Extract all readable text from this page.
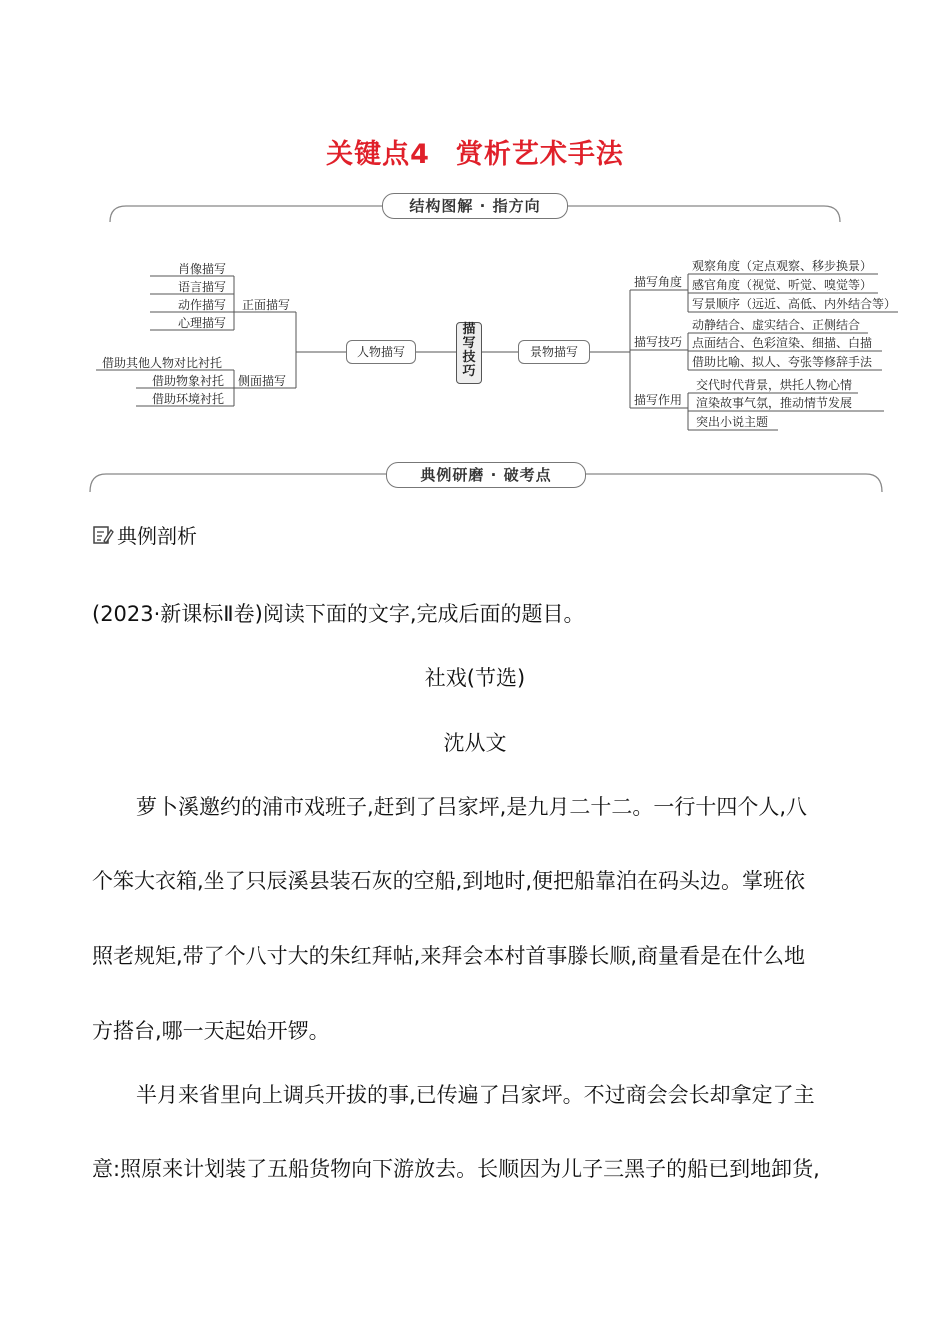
关键点4 赏析艺术手法
结构图解 · 指方向
肖像描写
语言描写
动作描写
心理描写
正面描写
借助其他人物对比衬托
借助物象衬托
借助环境衬托
侧面描写
人物描写
描
写
技
巧
景物描写
描写角度
描写技巧
描写作用
观察角度（定点观察、移步换景）
感官角度（视觉、听觉、嗅觉等）
写景顺序（远近、高低、内外结合等）
动静结合、虚实结合、正侧结合
点面结合、色彩渲染、细描、白描
借助比喻、拟人、夸张等修辞手法
交代时代背景，烘托人物心情
渲染故事气氛，推动情节发展
突出小说主题
典例研磨 · 破考点
典例剖析
(2023·新课标Ⅱ卷)阅读下面的文字,完成后面的题目。
社戏(节选)
沈从文
萝卜溪邀约的浦市戏班子,赶到了吕家坪,是九月二十二。一行十四个人,八
个笨大衣箱,坐了只辰溪县装石灰的空船,到地时,便把船靠泊在码头边。掌班依
照老规矩,带了个八寸大的朱红拜帖,来拜会本村首事滕长顺,商量看是在什么地
方搭台,哪一天起始开锣。
半月来省里向上调兵开拔的事,已传遍了吕家坪。不过商会会长却拿定了主
意:照原来计划装了五船货物向下游放去。长顺因为儿子三黑子的船已到地卸货,
